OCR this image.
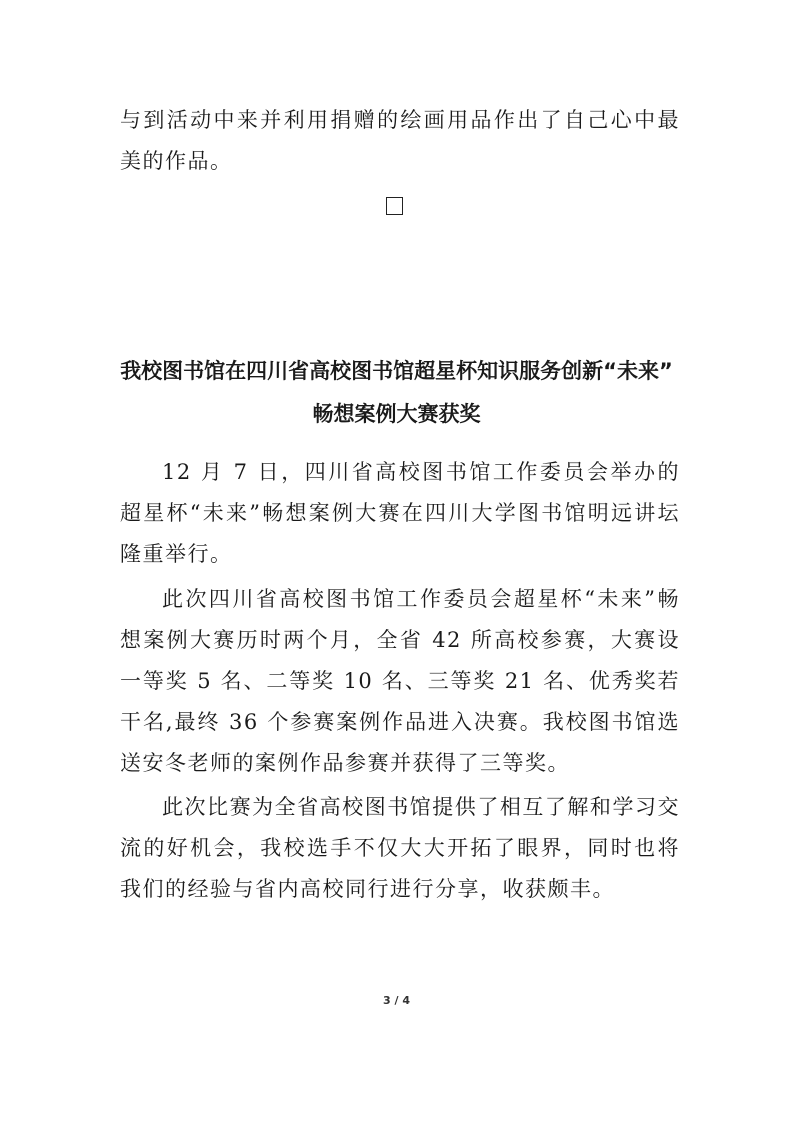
与到活动中来并利用捐赠的绘画用品作出了自己心中最美的作品。

我校图书馆在四川省高校图书馆超星杯知识服务创新“未来”
畅想案例大赛获奖

12 月 7 日，四川省高校图书馆工作委员会举办的超星杯“未来”畅想案例大赛在四川大学图书馆明远讲坛隆重举行。

此次四川省高校图书馆工作委员会超星杯“未来”畅想案例大赛历时两个月，全省 42 所高校参赛，大赛设一等奖 5 名、二等奖 10 名、三等奖 21 名、优秀奖若干名,最终 36 个参赛案例作品进入决赛。我校图书馆选送安冬老师的案例作品参赛并获得了三等奖。

此次比赛为全省高校图书馆提供了相互了解和学习交流的好机会，我校选手不仅大大开拓了眼界，同时也将我们的经验与省内高校同行进行分享，收获颇丰。

3 / 4
